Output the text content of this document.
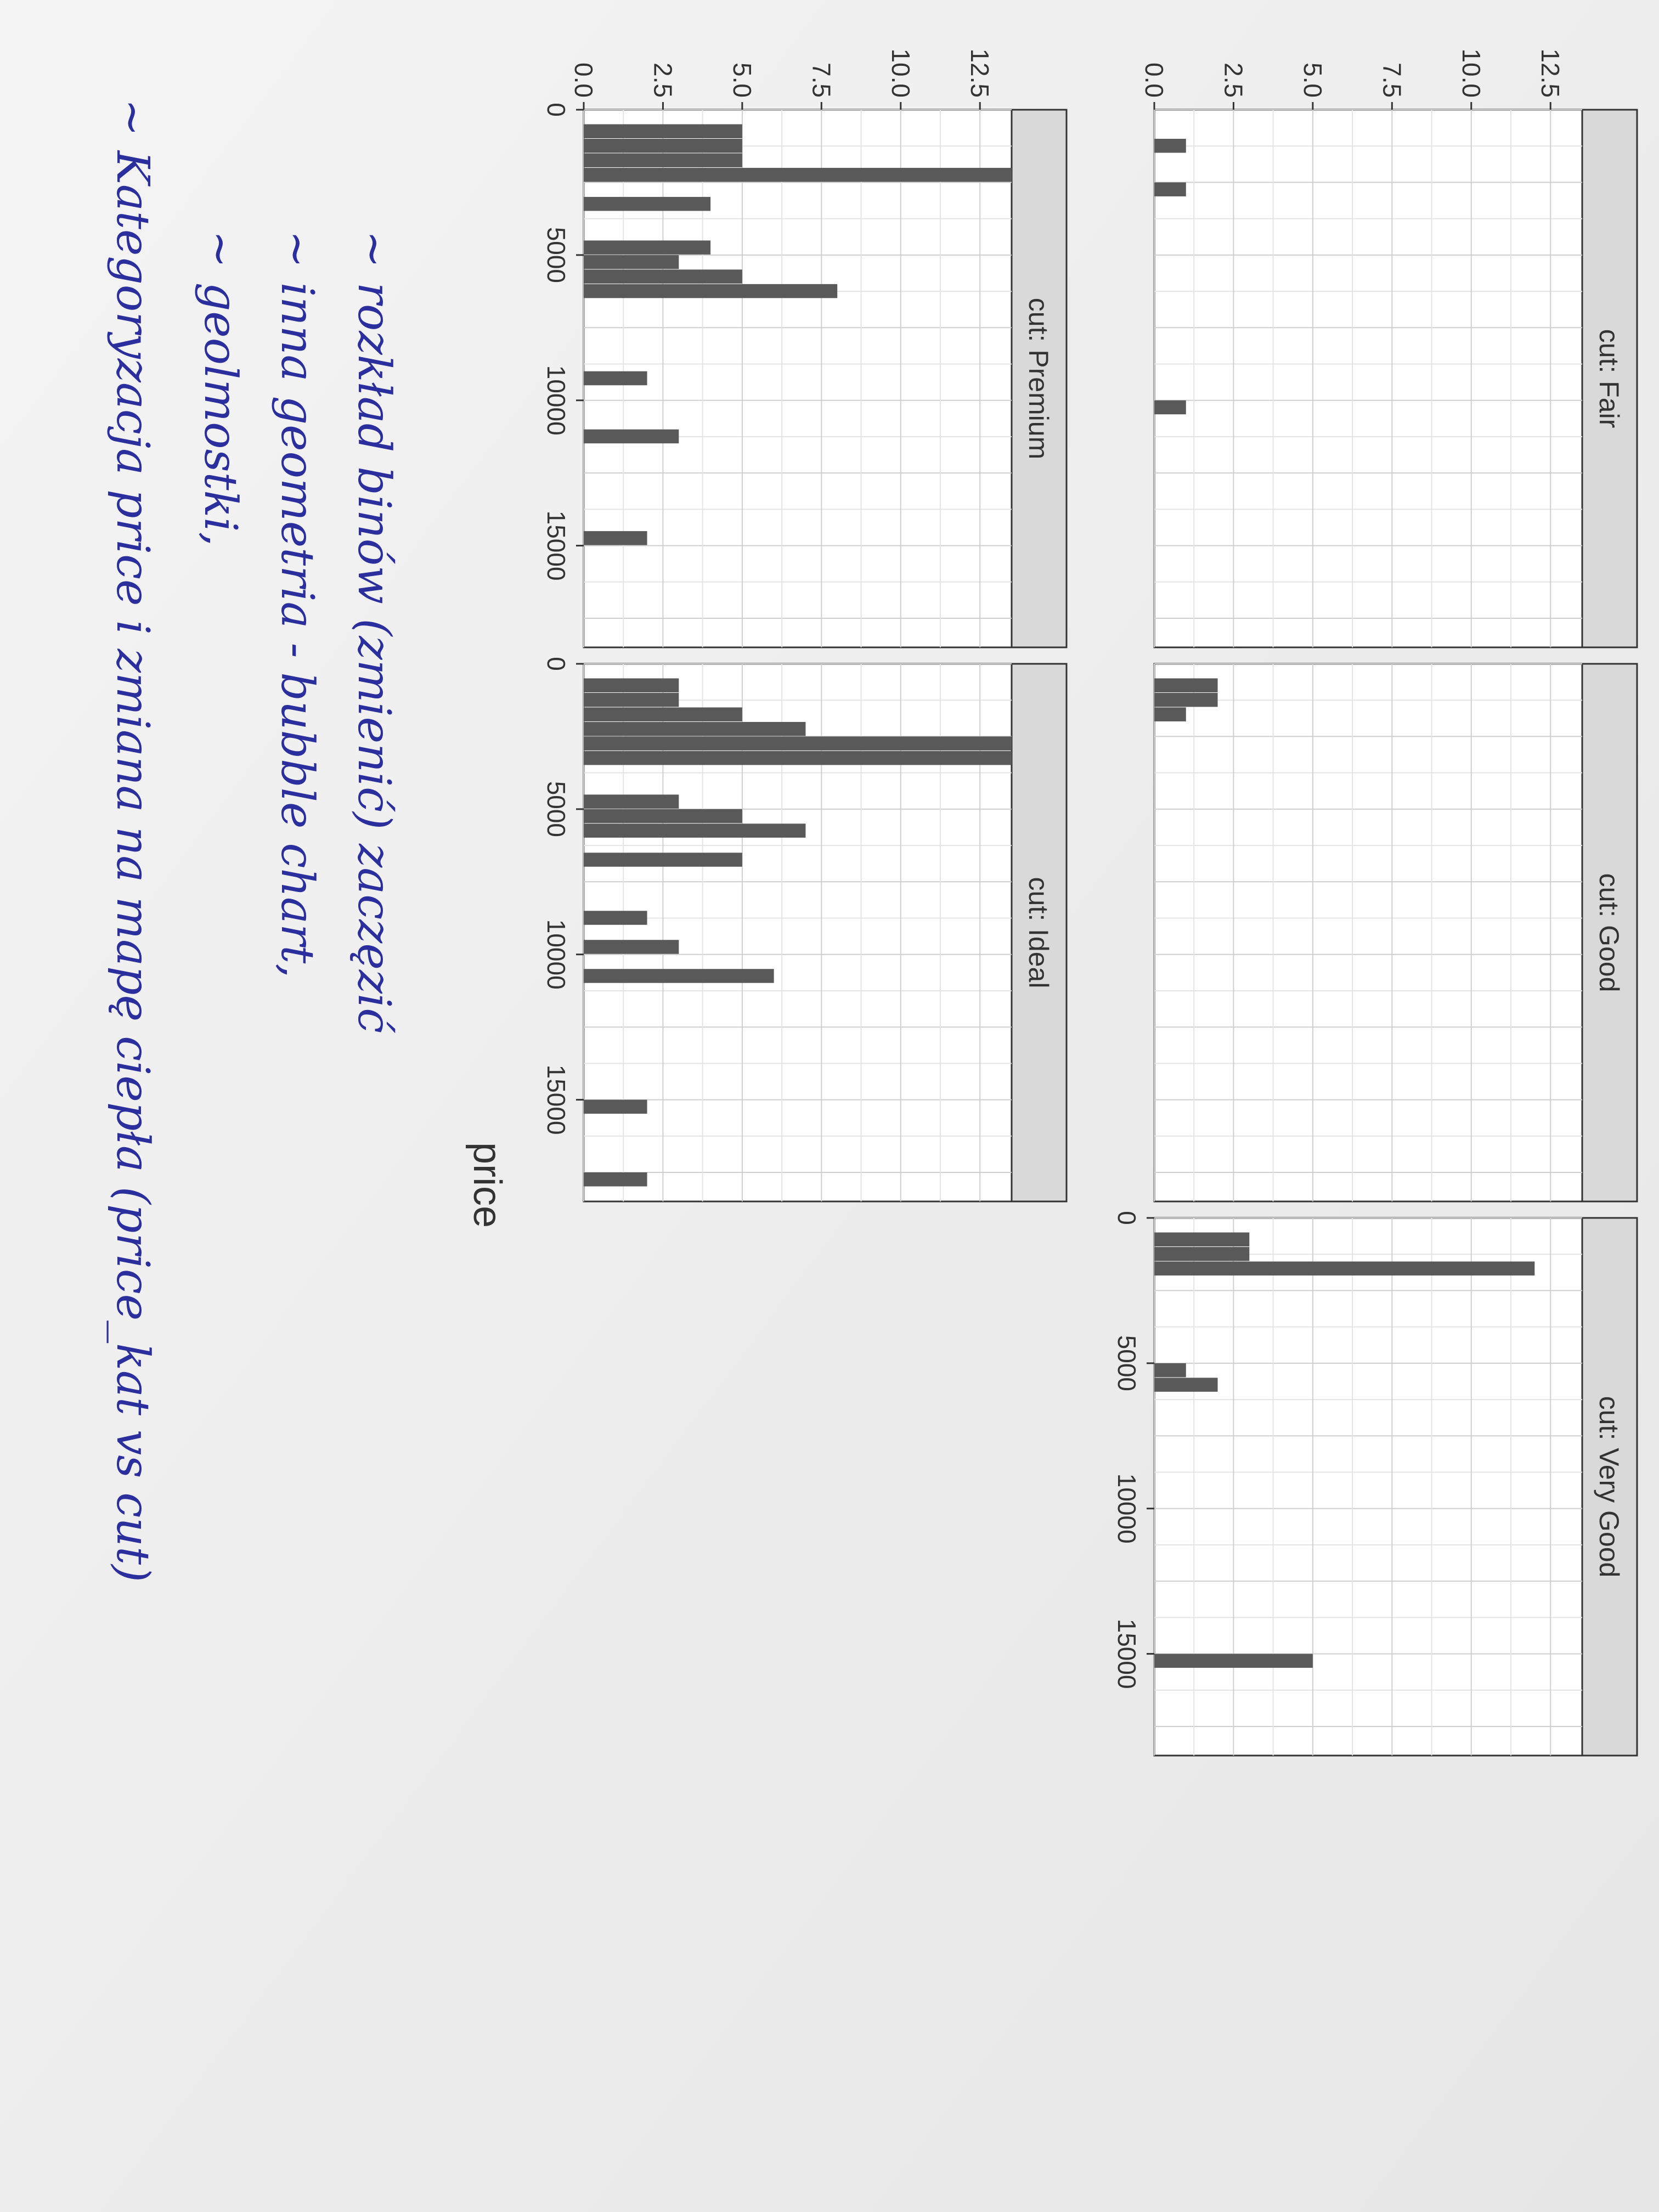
cut: Fair
0.0 2.5 5.0 7.5 10.0 12.5
cut: Good
cut: Very Good
0
5000
10000
15000
cut: Premium
0.0 2.5 5.0 7.5 10.0 12.5
0
5000
10000
15000
cut: Ideal
0
5000
10000
15000
price
~ rozkład binów (zmienić) zaczęzić
~ inna geometria - bubble chart,
~ geolmostki,
~ Kategoryzacja price i zmiana na mapę ciepła (price_kat vs cut)
